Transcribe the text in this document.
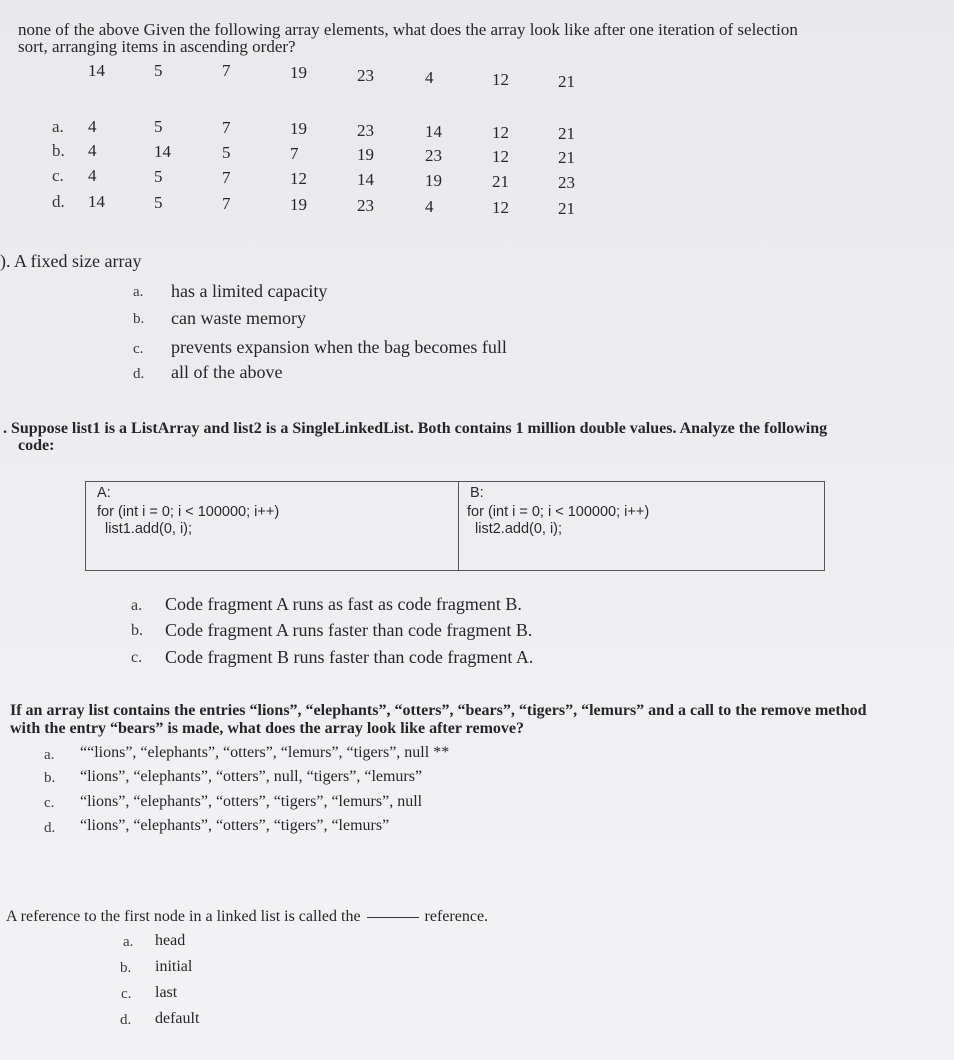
none of the above Given the following array elements, what does the array look like after one iteration of selection
sort, arranging items in ascending order?
14	5	7	19	23	4	12	21
a. 4	5	7	19	23	14	12	21
b. 4	14	5	7	19	23	12	21
c. 4	5	7	12	14	19	21	23
d. 14	5	7	19	23	4	12	21
). A fixed size array
a. has a limited capacity
b. can waste memory
c. prevents expansion when the bag becomes full
d. all of the above
. Suppose list1 is a ListArray and list2 is a SingleLinkedList. Both contains 1 million double values. Analyze the following
code:
A:
for (int i = 0; i < 100000; i++)
list1.add(0, i);
B:
for (int i = 0; i < 100000; i++)
list2.add(0, i);
a. Code fragment A runs as fast as code fragment B.
b. Code fragment A runs faster than code fragment B.
c. Code fragment B runs faster than code fragment A.
If an array list contains the entries “lions”, “elephants”, “otters”, “bears”, “tigers”, “lemurs” and a call to the remove method
with the entry “bears” is made, what does the array look like after remove?
a. ““lions”, “elephants”, “otters”, “lemurs”, “tigers”, null **
b. “lions”, “elephants”, “otters”, null, “tigers”, “lemurs”
c. “lions”, “elephants”, “otters”, “tigers”, “lemurs”, null
d. “lions”, “elephants”, “otters”, “tigers”, “lemurs”
A reference to the first node in a linked list is called the	reference.
a. head
b. initial
c. last
d. default
